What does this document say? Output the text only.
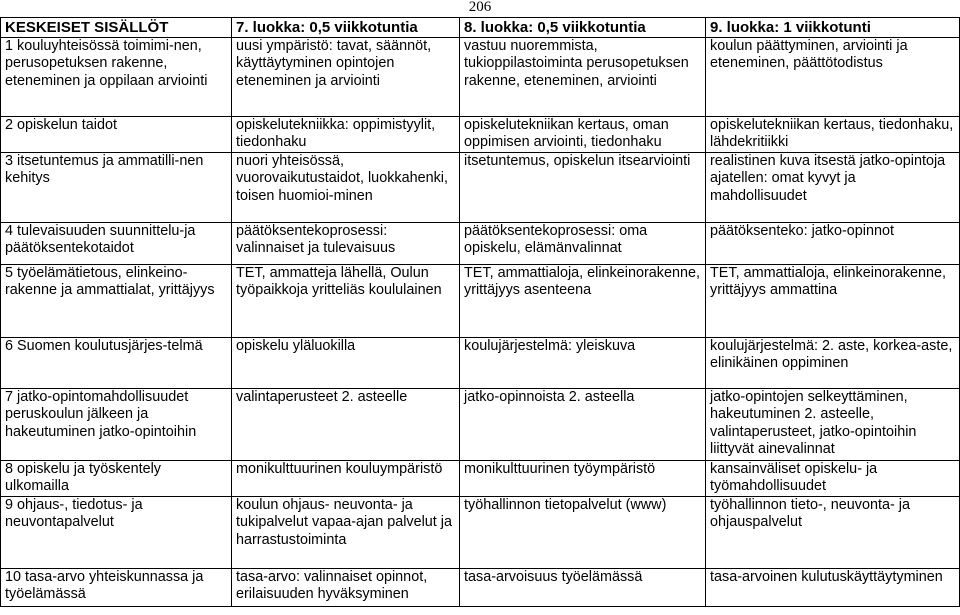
206
KESKEISET SISÄLLÖT	7. luokka: 0,5 viikkotuntia	8. luokka: 0,5 viikkotuntia	9. luokka: 1 viikkotunti
1 kouluyhteisössä toimimi-nen, perusopetuksen rakenne, eteneminen ja oppilaan arviointi	uusi ympäristö: tavat, säännöt, käyttäytyminen opintojen eteneminen ja arviointi	vastuu nuoremmista, tukioppilastoiminta perusopetuksen rakenne, eteneminen, arviointi	koulun päättyminen, arviointi ja eteneminen, päättötodistus
2 opiskelun taidot	opiskelutekniikka: oppimistyylit, tiedonhaku	opiskelutekniikan kertaus, oman oppimisen arviointi, tiedonhaku	opiskelutekniikan kertaus, tiedonhaku, lähdekritiikki
3 itsetuntemus ja ammatilli-nen kehitys	nuori yhteisössä, vuorovaikutustaidot, luokkahenki, toisen huomioi-minen	itsetuntemus, opiskelun itsearviointi	realistinen kuva itsestä jatko-opintoja ajatellen: omat kyvyt ja mahdollisuudet
4 tulevaisuuden suunnittelu-ja päätöksentekotaidot	päätöksentekoprosessi: valinnaiset ja tulevaisuus	päätöksentekoprosessi: oma opiskelu, elämänvalinnat	päätöksenteko: jatko-opinnot
5 työelämätietous, elinkeino-rakenne ja ammattialat, yrittäjyys	TET, ammatteja lähellä, Oulun työpaikkoja yritteliäs koululainen	TET, ammattialoja, elinkeinorakenne, yrittäjyys asenteena	TET, ammattialoja, elinkeinorakenne, yrittäjyys ammattina
6 Suomen koulutusjärjes-telmä	opiskelu yläluokilla	koulujärjestelmä: yleiskuva	koulujärjestelmä: 2. aste, korkea-aste, elinikäinen oppiminen
7 jatko-opintomahdollisuudet peruskoulun jälkeen ja hakeutuminen jatko-opintoihin	valintaperusteet 2. asteelle	jatko-opinnoista 2. asteella	jatko-opintojen selkeyttäminen, hakeutuminen 2. asteelle, valintaperusteet, jatko-opintoihin liittyvät ainevalinnat
8 opiskelu ja työskentely ulkomailla	monikulttuurinen kouluympäristö	monikulttuurinen työympäristö	kansainväliset opiskelu- ja työmahdollisuudet
9 ohjaus-, tiedotus- ja neuvontapalvelut	koulun ohjaus- neuvonta- ja tukipalvelut vapaa-ajan palvelut ja harrastustoiminta	työhallinnon tietopalvelut (www)	työhallinnon tieto-, neuvonta- ja ohjauspalvelut
10 tasa-arvo yhteiskunnassa ja työelämässä	tasa-arvo: valinnaiset opinnot, erilaisuuden hyväksyminen	tasa-arvoisuus työelämässä	tasa-arvoinen kulutuskäyttäytyminen
